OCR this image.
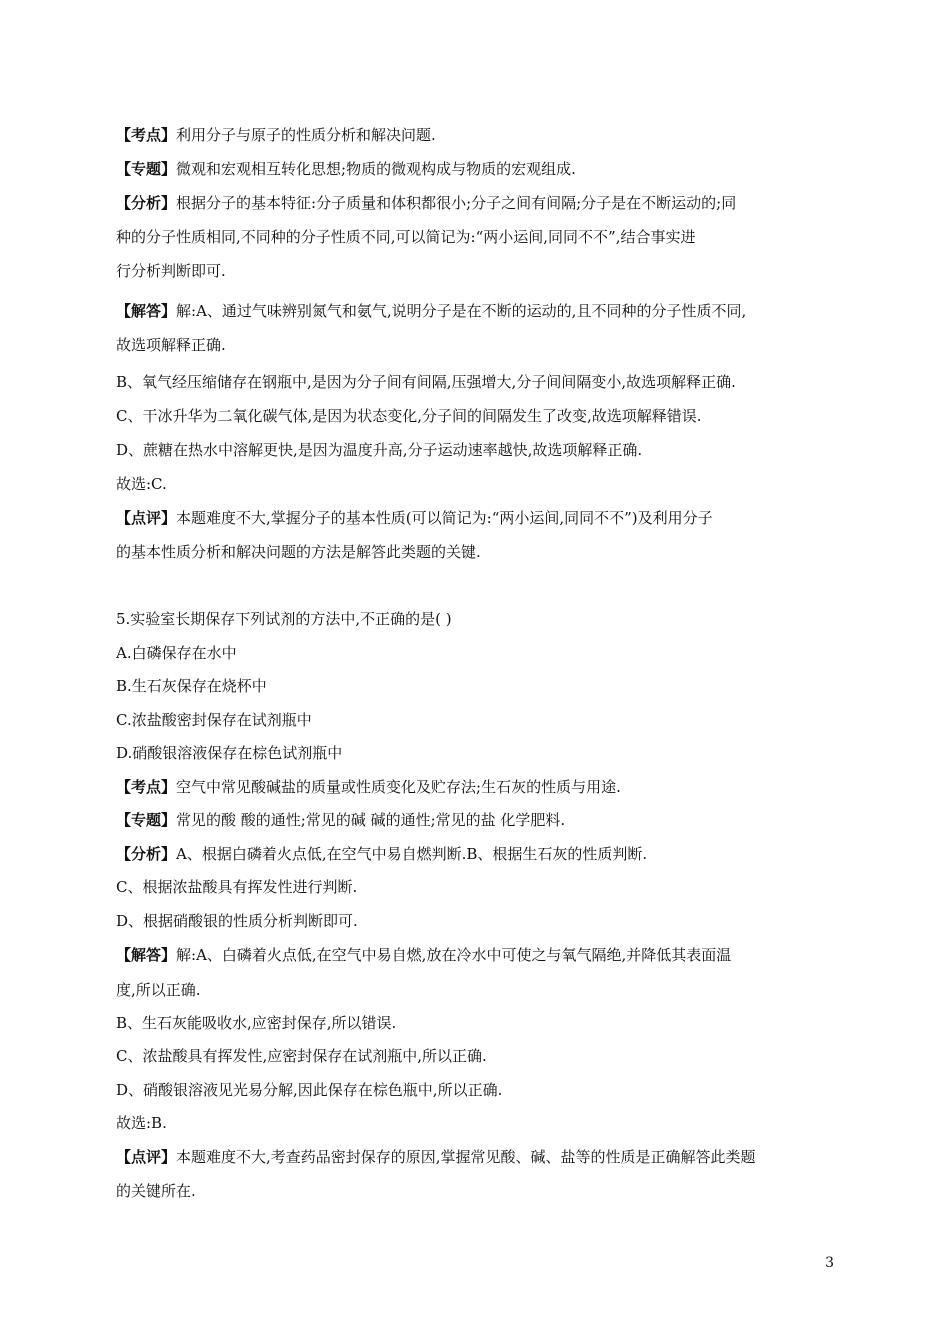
【考点】利用分子与原子的性质分析和解决问题.
【专题】微观和宏观相互转化思想;物质的微观构成与物质的宏观组成.
【分析】根据分子的基本特征:分子质量和体积都很小;分子之间有间隔;分子是在不断运动的;同
种的分子性质相同,不同种的分子性质不同,可以简记为:“两小运间,同同不不”,结合事实进
行分析判断即可.
【解答】解:A、通过气味辨别氮气和氨气,说明分子是在不断的运动的,且不同种的分子性质不同,
故选项解释正确.
B、氧气经压缩储存在钢瓶中,是因为分子间有间隔,压强增大,分子间间隔变小,故选项解释正确.
C、干冰升华为二氧化碳气体,是因为状态变化,分子间的间隔发生了改变,故选项解释错误.
D、蔗糖在热水中溶解更快,是因为温度升高,分子运动速率越快,故选项解释正确.
故选:C.
【点评】本题难度不大,掌握分子的基本性质(可以简记为:“两小运间,同同不不”)及利用分子
的基本性质分析和解决问题的方法是解答此类题的关键.
5.实验室长期保存下列试剂的方法中,不正确的是( )
A.白磷保存在水中
B.生石灰保存在烧杯中
C.浓盐酸密封保存在试剂瓶中
D.硝酸银溶液保存在棕色试剂瓶中
【考点】空气中常见酸碱盐的质量或性质变化及贮存法;生石灰的性质与用途.
【专题】常见的酸 酸的通性;常见的碱 碱的通性;常见的盐 化学肥料.
【分析】A、根据白磷着火点低,在空气中易自燃判断.B、根据生石灰的性质判断.
C、根据浓盐酸具有挥发性进行判断.
D、根据硝酸银的性质分析判断即可.
【解答】解:A、白磷着火点低,在空气中易自燃,放在冷水中可使之与氧气隔绝,并降低其表面温
度,所以正确.
B、生石灰能吸收水,应密封保存,所以错误.
C、浓盐酸具有挥发性,应密封保存在试剂瓶中,所以正确.
D、硝酸银溶液见光易分解,因此保存在棕色瓶中,所以正确.
故选:B.
【点评】本题难度不大,考查药品密封保存的原因,掌握常见酸、碱、盐等的性质是正确解答此类题
的关键所在.
3
